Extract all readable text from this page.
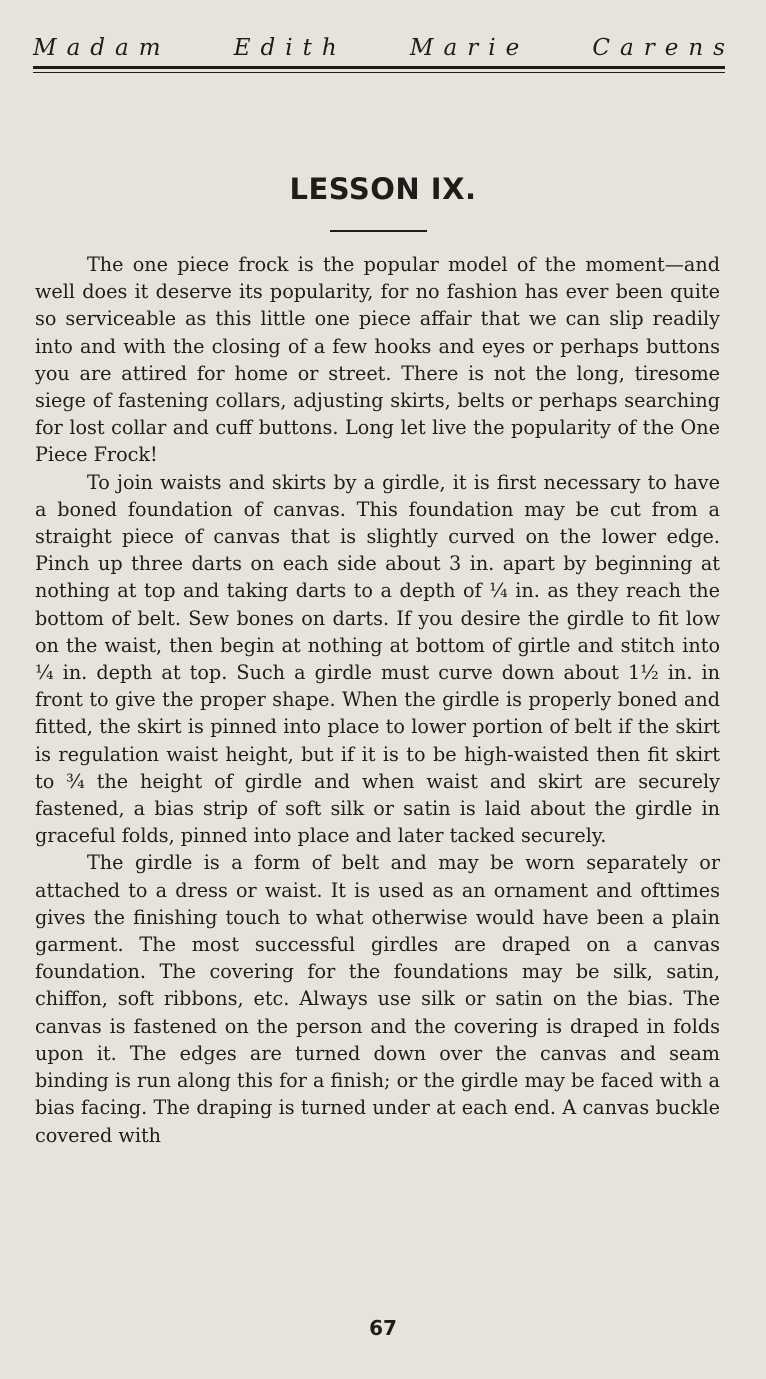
M a d a m	E d i t h	M a r i e	C a r e n s
LESSON IX.

The one piece frock is the popular model of the moment—and well does it deserve its popularity, for no fashion has ever been quite so serviceable as this little one piece affair that we can slip readily into and with the closing of a few hooks and eyes or perhaps buttons you are attired for home or street. There is not the long, tiresome siege of fastening collars, adjusting skirts, belts or perhaps searching for lost collar and cuff buttons. Long let live the popularity of the One Piece Frock!

To join waists and skirts by a girdle, it is first necessary to have a boned foundation of canvas. This foundation may be cut from a straight piece of canvas that is slightly curved on the lower edge. Pinch up three darts on each side about 3 in. apart by beginning at nothing at top and taking darts to a depth of ¼ in. as they reach the bottom of belt. Sew bones on darts. If you desire the girdle to fit low on the waist, then begin at nothing at bottom of girtle and stitch into ¼ in. depth at top. Such a girdle must curve down about 1½ in. in front to give the proper shape. When the girdle is properly boned and fitted, the skirt is pinned into place to lower portion of belt if the skirt is regulation waist height, but if it is to be high-waisted then fit skirt to ¾ the height of girdle and when waist and skirt are securely fastened, a bias strip of soft silk or satin is laid about the girdle in graceful folds, pinned into place and later tacked securely.

The girdle is a form of belt and may be worn separately or attached to a dress or waist. It is used as an ornament and ofttimes gives the finishing touch to what otherwise would have been a plain garment. The most successful girdles are draped on a canvas foundation. The covering for the foundations may be silk, satin, chiffon, soft ribbons, etc. Always use silk or satin on the bias. The canvas is fastened on the person and the covering is draped in folds upon it. The edges are turned down over the canvas and seam binding is run along this for a finish; or the girdle may be faced with a bias facing. The draping is turned under at each end. A canvas buckle covered with

67
